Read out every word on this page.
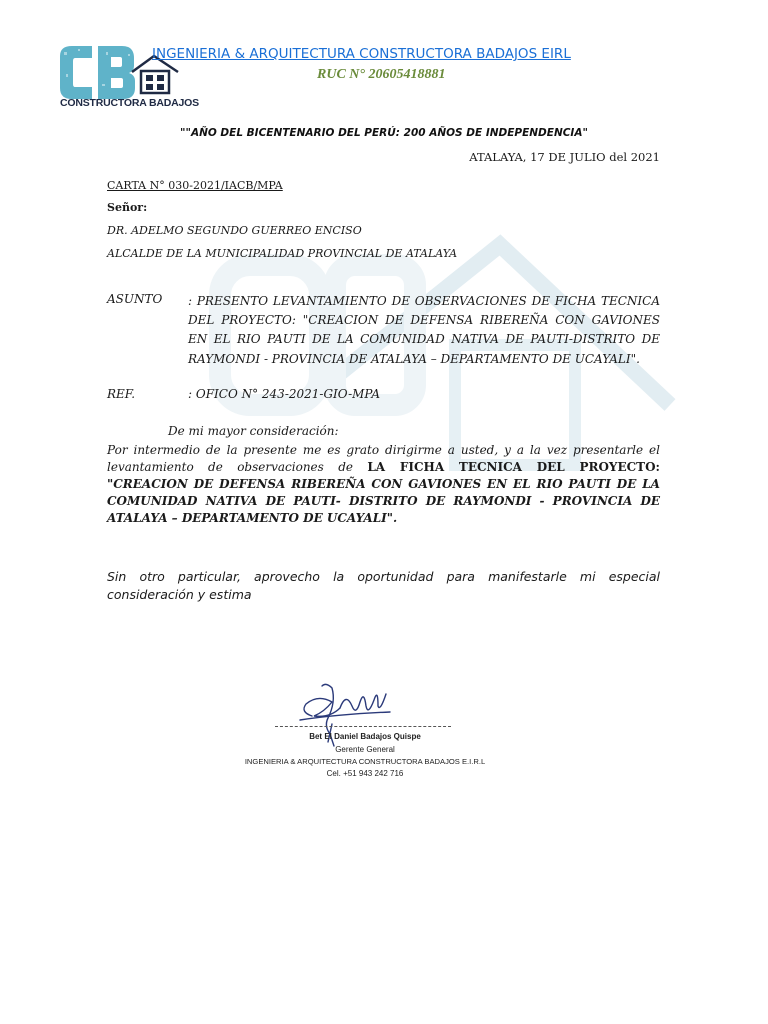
CONSTRUCTORA BADAJOS
INGENIERIA & ARQUITECTURA CONSTRUCTORA BADAJOS EIRL
RUC N° 20605418881
""AÑO DEL BICENTENARIO DEL PERÚ: 200 AÑOS DE INDEPENDENCIA"
ATALAYA, 17 DE JULIO del 2021
CARTA N° 030-2021/IACB/MPA
Señor:
DR. ADELMO SEGUNDO GUERREO ENCISO
ALCALDE DE LA MUNICIPALIDAD PROVINCIAL DE ATALAYA
ASUNTO : PRESENTO LEVANTAMIENTO DE OBSERVACIONES DE FICHA TECNICA DEL PROYECTO: "CREACION DE DEFENSA RIBEREÑA CON GAVIONES EN EL RIO PAUTI DE LA COMUNIDAD NATIVA DE PAUTI-DISTRITO DE RAYMONDI - PROVINCIA DE ATALAYA – DEPARTAMENTO DE UCAYALI".
REF.	: OFICO N° 243-2021-GIO-MPA
De mi mayor consideración:
Por intermedio de la presente me es grato dirigirme a usted, y a la vez presentarle el levantamiento de observaciones de LA FICHA TECNICA DEL PROYECTO: "CREACION DE DEFENSA RIBEREÑA CON GAVIONES EN EL RIO PAUTI DE LA COMUNIDAD NATIVA DE PAUTI- DISTRITO DE RAYMONDI - PROVINCIA DE ATALAYA – DEPARTAMENTO DE UCAYALI".
Sin otro particular, aprovecho la oportunidad para manifestarle mi especial consideración y estima
Bet El Daniel Badajos Quispe
Gerente General
INGENIERIA & ARQUITECTURA CONSTRUCTORA BADAJOS E.I.R.L
Cel. +51 943 242 716
